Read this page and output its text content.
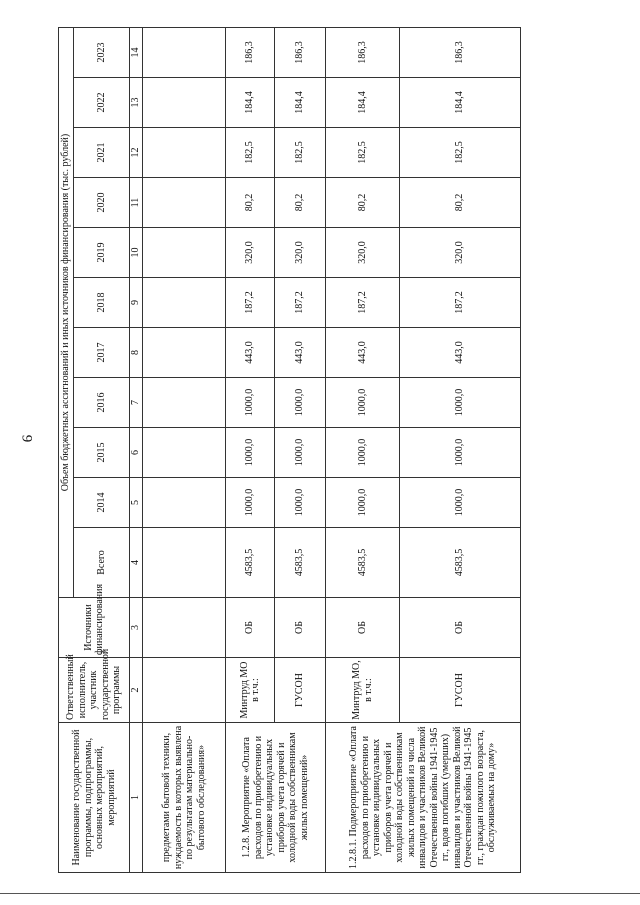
9
Наименование государственной программы, подпрограммы, основных мероприятий, мероприятий	Ответственный исполнитель, участник государственной программы	Источники финансирования	Объем бюджетных ассигнований и иных источников финансирования (тыс. рублей)										
			Всего	2014	2015	2016	2017	2018	2019	2020	2021	2022	2023
1	2	3	4	5	6	7	8	9	10	11	12	13	14
предметами бытовой техники, нуждаемость в которых выявлена по результатам материально-бытового обследования»													
1.2.8. Мероприятие «Оплата расходов по приобретению и установке индивидуальных приборов учета горячей и холодной воды собственникам жилых помещений»	Минтруд МО в т.ч.:	ОБ	4583,5	1000,0	1000,0	1000,0	443,0	187,2	320,0	80,2	182,5	184,4	186,3
	ГУСОН	ОБ	4583,5	1000,0	1000,0	1000,0	443,0	187,2	320,0	80,2	182,5	184,4	186,3
1.2.8.1. Подмероприятие «Оплата расходов по приобретению и установке индивидуальных приборов учета горячей и холодной воды собственникам жилых помещений из числа инвалидов и участников Великой Отечественной войны 1941-1945 гг., вдов погибших (умерших) инвалидов и участников Великой Отечественной войны 1941-1945 гг., граждан пожилого возраста, обслуживаемых на дому»	Минтруд МО, в т.ч.:	ОБ	4583,5	1000,0	1000,0	1000,0	443,0	187,2	320,0	80,2	182,5	184,4	186,3
	ГУСОН	ОБ	4583,5	1000,0	1000,0	1000,0	443,0	187,2	320,0	80,2	182,5	184,4	186,3
